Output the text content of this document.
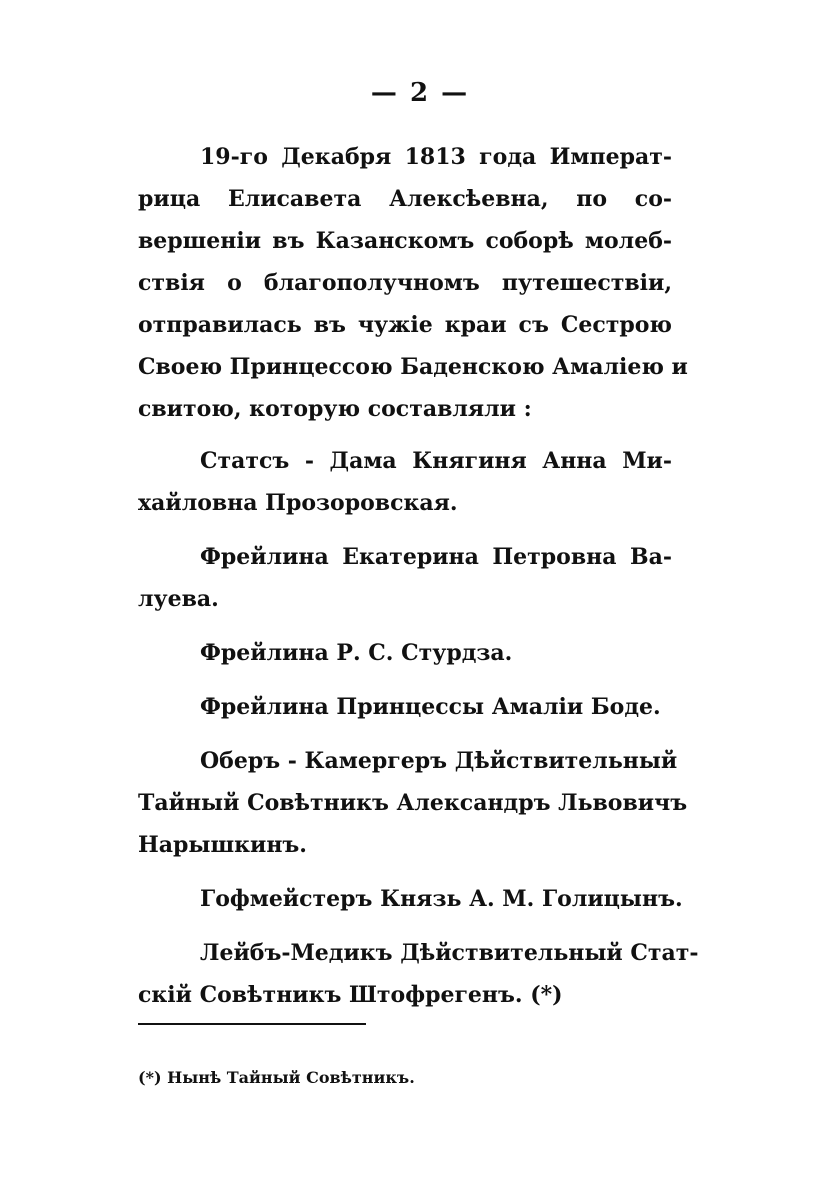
— 2 —
19-го Декабря 1813 года Императ-
рица Елисавета Алексѣевна, по со-
вершеніи въ Казанскомъ соборѣ молеб-
ствія о благополучномъ путешествіи,
отправилась въ чужіе краи съ Сестрою
Своею Принцессою Баденскою Амаліею и
свитою, которую составляли :
Статсъ - Дама Княгиня Анна Ми-
хайловна Прозоровская.
Фрейлина Екатерина Петровна Ва-
луева.
Фрейлина Р. С. Стурдза.
Фрейлина Принцессы Амаліи Боде.
Оберъ - Камергеръ Дѣйствительный
Тайный Совѣтникъ Александръ Львовичъ
Нарышкинъ.
Гофмейстеръ Князь А. М. Голицынъ.
Лейбъ-Медикъ Дѣйствительный Стат-
скій Совѣтникъ Штофрегенъ. (*)
(*) Нынѣ Тайный Совѣтникъ.
